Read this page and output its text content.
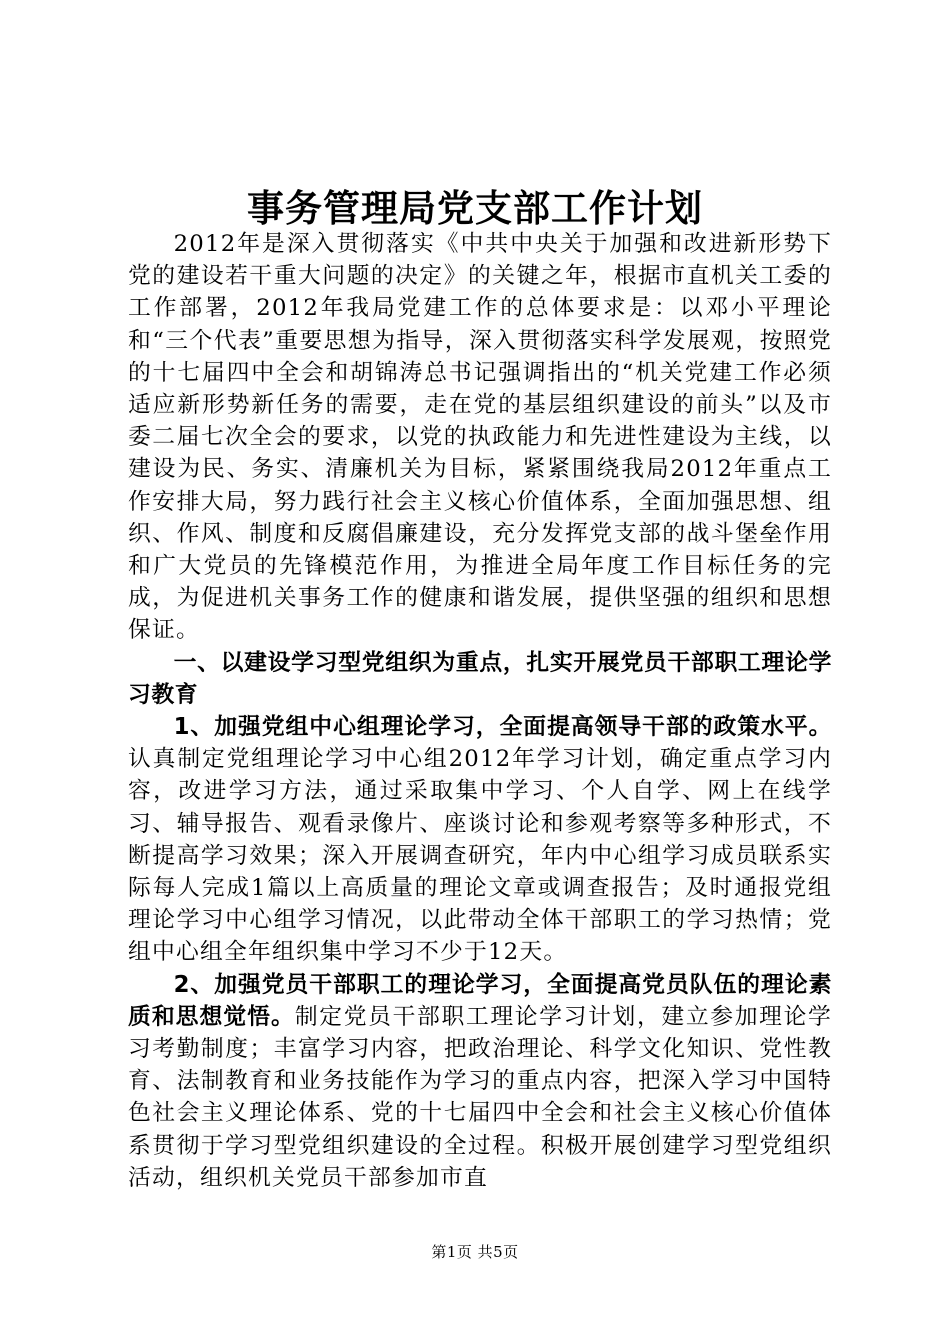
事务管理局党支部工作计划

2012年是深入贯彻落实《中共中央关于加强和改进新形势下党的建设若干重大问题的决定》的关键之年，根据市直机关工委的工作部署，2012年我局党建工作的总体要求是：以邓小平理论和“三个代表”重要思想为指导，深入贯彻落实科学发展观，按照党的十七届四中全会和胡锦涛总书记强调指出的“机关党建工作必须适应新形势新任务的需要，走在党的基层组织建设的前头”以及市委二届七次全会的要求，以党的执政能力和先进性建设为主线，以建设为民、务实、清廉机关为目标，紧紧围绕我局2012年重点工作安排大局，努力践行社会主义核心价值体系，全面加强思想、组织、作风、制度和反腐倡廉建设，充分发挥党支部的战斗堡垒作用和广大党员的先锋模范作用，为推进全局年度工作目标任务的完成，为促进机关事务工作的健康和谐发展，提供坚强的组织和思想保证。

一、以建设学习型党组织为重点，扎实开展党员干部职工理论学习教育

1、加强党组中心组理论学习，全面提高领导干部的政策水平。认真制定党组理论学习中心组2012年学习计划，确定重点学习内容，改进学习方法，通过采取集中学习、个人自学、网上在线学习、辅导报告、观看录像片、座谈讨论和参观考察等多种形式，不断提高学习效果；深入开展调查研究，年内中心组学习成员联系实际每人完成1篇以上高质量的理论文章或调查报告；及时通报党组理论学习中心组学习情况，以此带动全体干部职工的学习热情；党组中心组全年组织集中学习不少于12天。

2、加强党员干部职工的理论学习，全面提高党员队伍的理论素质和思想觉悟。制定党员干部职工理论学习计划，建立参加理论学习考勤制度；丰富学习内容，把政治理论、科学文化知识、党性教育、法制教育和业务技能作为学习的重点内容，把深入学习中国特色社会主义理论体系、党的十七届四中全会和社会主义核心价值体系贯彻于学习型党组织建设的全过程。积极开展创建学习型党组织活动，组织机关党员干部参加市直

第1页 共5页
